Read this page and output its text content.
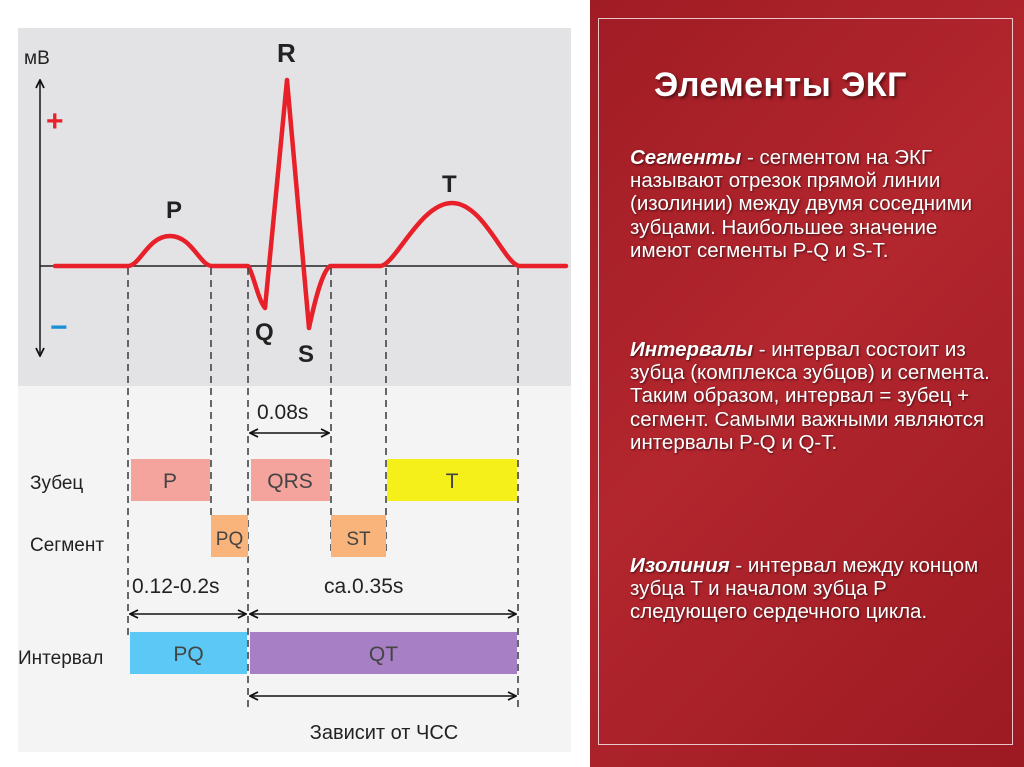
мВ
+
−
P
R
T
Q
S
0.08s
Зубец
Сегмент
Интервал
P	QRS	T
PQ	ST
0.12-0.2s	ca.0.35s
PQ	QT
Зависит от ЧСС
Элементы ЭКГ
Сегменты - сегментом на ЭКГ называют отрезок прямой линии (изолинии) между двумя соседними зубцами. Наибольшее значение имеют сегменты P-Q и S-T.
Интервалы - интервал состоит из зубца (комплекса зубцов) и сегмента. Таким образом, интервал = зубец + сегмент. Самыми важными являются интервалы P-Q и Q-T.
Изолиния - интервал между концом зубца T и началом зубца P следующего сердечного цикла.
